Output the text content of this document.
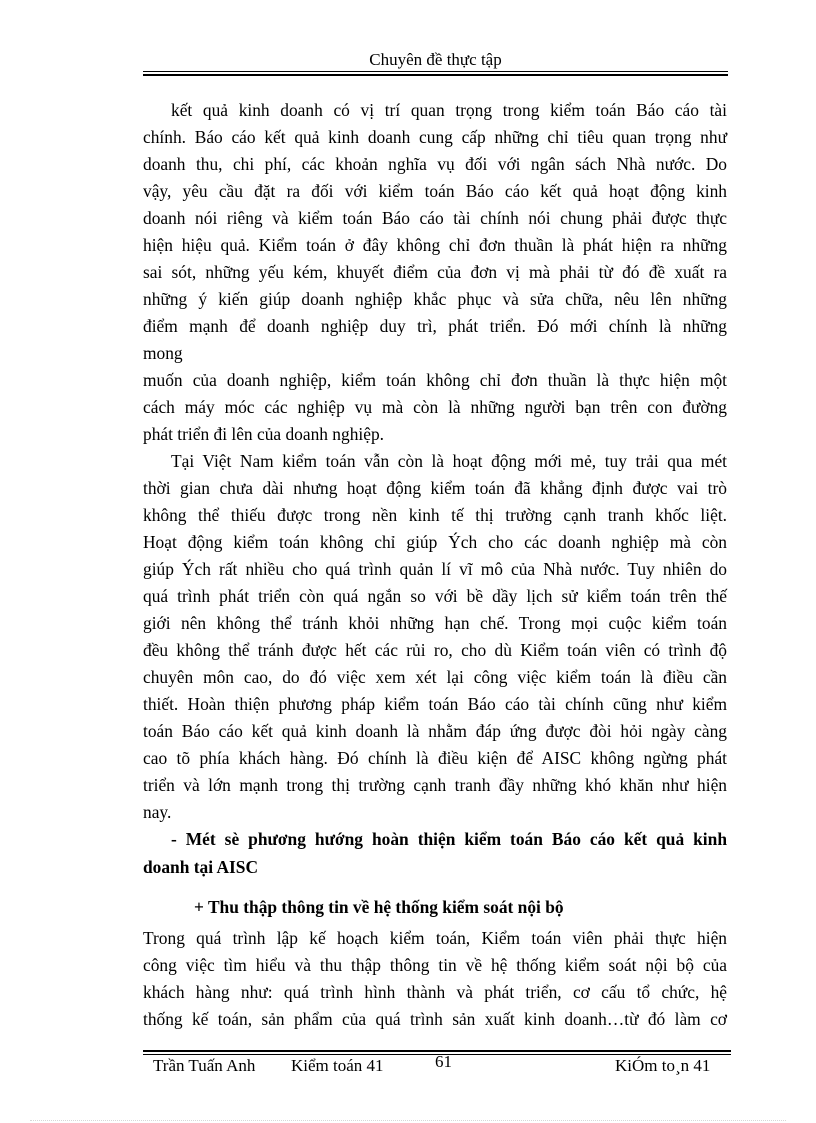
Chuyên đề thực tập
kết quả kinh doanh có vị trí quan trọng trong kiểm toán Báo cáo tài
chính. Báo cáo kết quả kinh doanh cung cấp những chỉ tiêu quan trọng như
doanh thu, chi phí, các khoản nghĩa vụ đối với ngân sách Nhà nước. Do
vậy, yêu cầu đặt ra đối với kiểm toán Báo cáo kết quả hoạt động kinh
doanh nói riêng và kiểm toán Báo cáo tài chính nói chung phải được thực
hiện hiệu quả. Kiểm toán ở đây không chỉ đơn thuần là phát hiện ra những
sai sót, những yếu kém, khuyết điểm của đơn vị mà phải từ đó đề xuất ra
những ý kiến giúp doanh nghiệp khắc phục và sửa chữa, nêu lên những
điểm mạnh để doanh nghiệp duy trì, phát triển. Đó mới chính là những
mong
muốn của doanh nghiệp, kiểm toán không chỉ đơn thuần là thực hiện một
cách máy móc các nghiệp vụ mà còn là những người bạn trên con đường
phát triển đi lên của doanh nghiệp.
Tại Việt Nam kiểm toán vẫn còn là hoạt động mới mẻ, tuy trải qua mét
thời gian chưa dài nhưng hoạt động kiểm toán đã khẳng định được vai trò
không thể thiếu được trong nền kinh tế thị trường cạnh tranh khốc liệt.
Hoạt động kiểm toán không chỉ giúp Ých cho các doanh nghiệp mà còn
giúp Ých rất nhiều cho quá trình quản lí vĩ mô của Nhà nước. Tuy nhiên do
quá trình phát triển còn quá ngắn so với bề dầy lịch sử kiểm toán trên thế
giới nên không thể tránh khỏi những hạn chế. Trong mọi cuộc kiểm toán
đều không thể tránh được hết các rủi ro, cho dù Kiểm toán viên có trình độ
chuyên môn cao, do đó việc xem xét lại công việc kiểm toán là điều cần
thiết. Hoàn thiện phương pháp kiểm toán Báo cáo tài chính cũng như kiểm
toán Báo cáo kết quả kinh doanh là nhằm đáp ứng được đòi hỏi ngày càng
cao tõ phía khách hàng. Đó chính là điều kiện để AISC không ngừng phát
triển và lớn mạnh trong thị trường cạnh tranh đầy những khó khăn như hiện
nay.
- Mét sè phương hướng hoàn thiện kiểm toán Báo cáo kết quả kinh
doanh tại AISC
+ Thu thập thông tin về hệ thống kiểm soát nội bộ
Trong quá trình lập kế hoạch kiểm toán, Kiểm toán viên phải thực hiện
công việc tìm hiểu và thu thập thông tin về hệ thống kiểm soát nội bộ của
khách hàng như: quá trình hình thành và phát triển, cơ cấu tổ chức, hệ
thống kế toán, sản phẩm của quá trình sản xuất kinh doanh…từ đó làm cơ
Trần Tuấn Anh Kiểm toán 41	61	KiÓm to¸n 41
